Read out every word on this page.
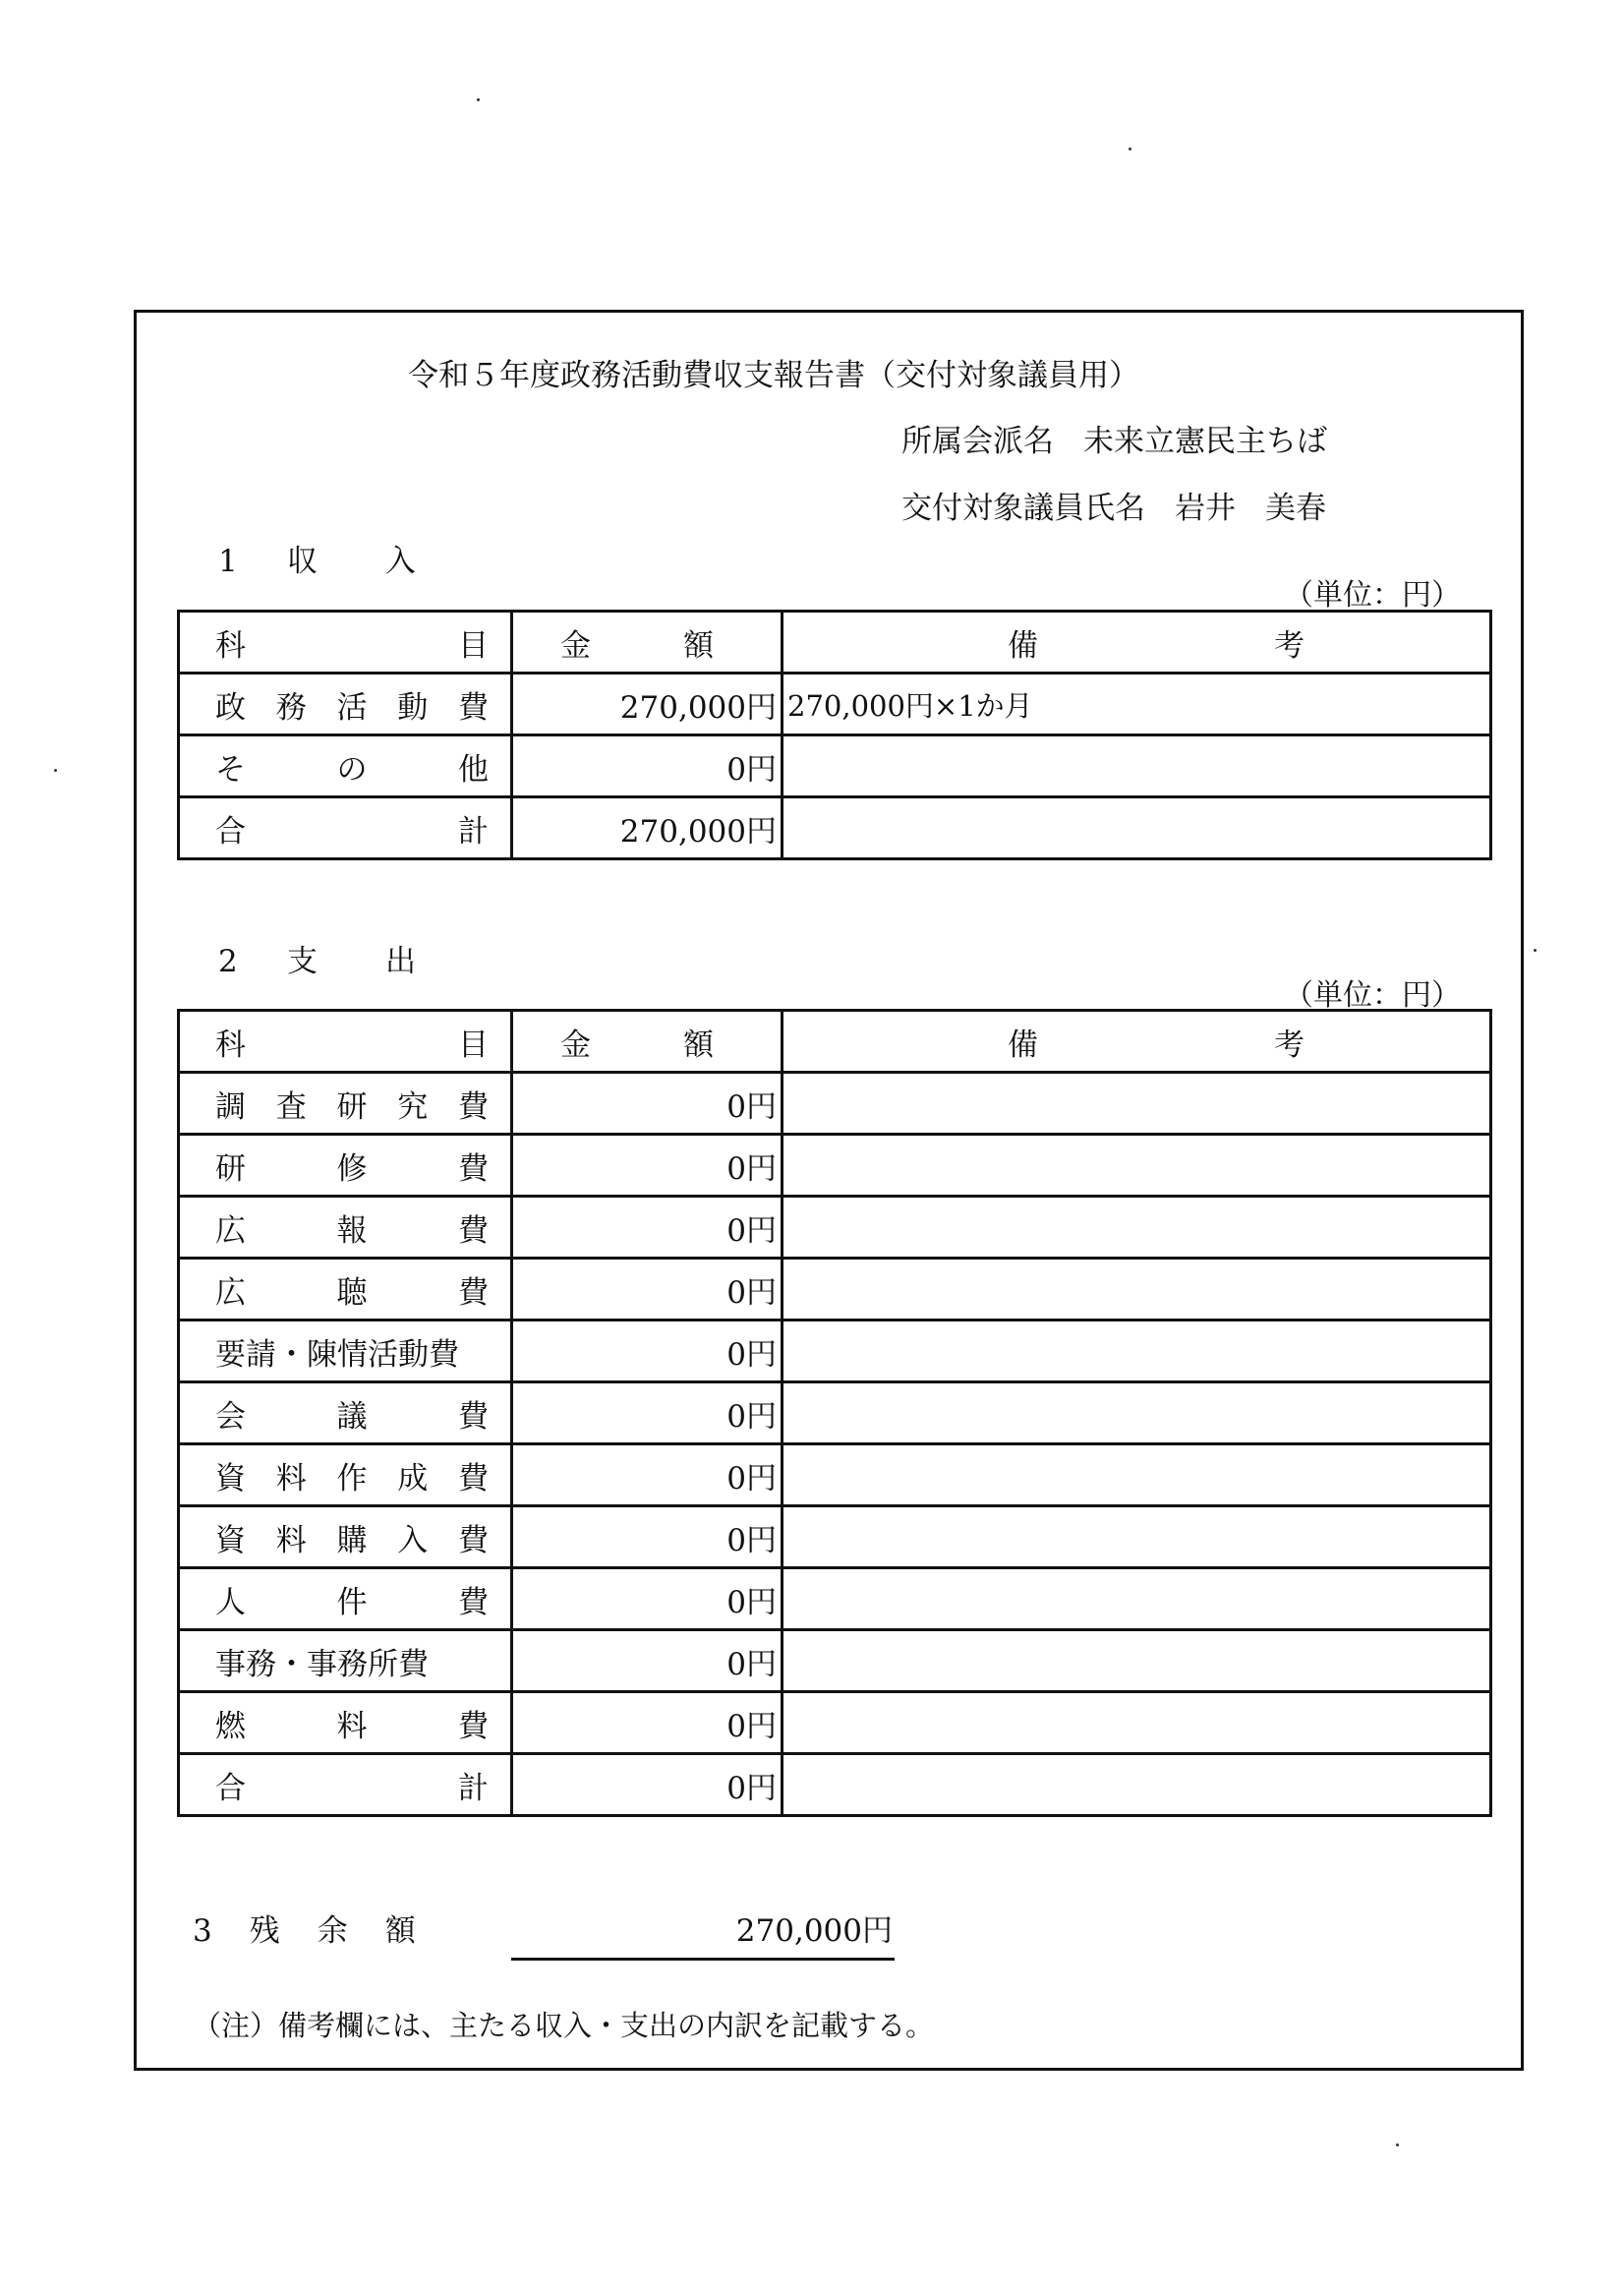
令和５年度政務活動費収支報告書（交付対象議員用）
所属会派名 未来立憲民主ちば
交付対象議員氏名 岩井 美春
1 収 入
（単位：円）
科 目	金 額	備 考

政 務 活 動 費	270,000円	270,000円×1か月

そ の 他	0円	

合 計	270,000円	
2 支 出
（単位：円）
科 目	金 額	備 考

調 査 研 究 費	0円	

研 修 費	0円	

広 報 費	0円	

広 聴 費	0円	

要請・陳情活動費	0円	

会 議 費	0円	

資 料 作 成 費	0円	

資 料 購 入 費	0円	

人 件 費	0円	

事務・事務所費	0円	

燃 料 費	0円	

合 計	0円	
3 残 余 額	270,000円
（注）備考欄には、主たる収入・支出の内訳を記載する。
